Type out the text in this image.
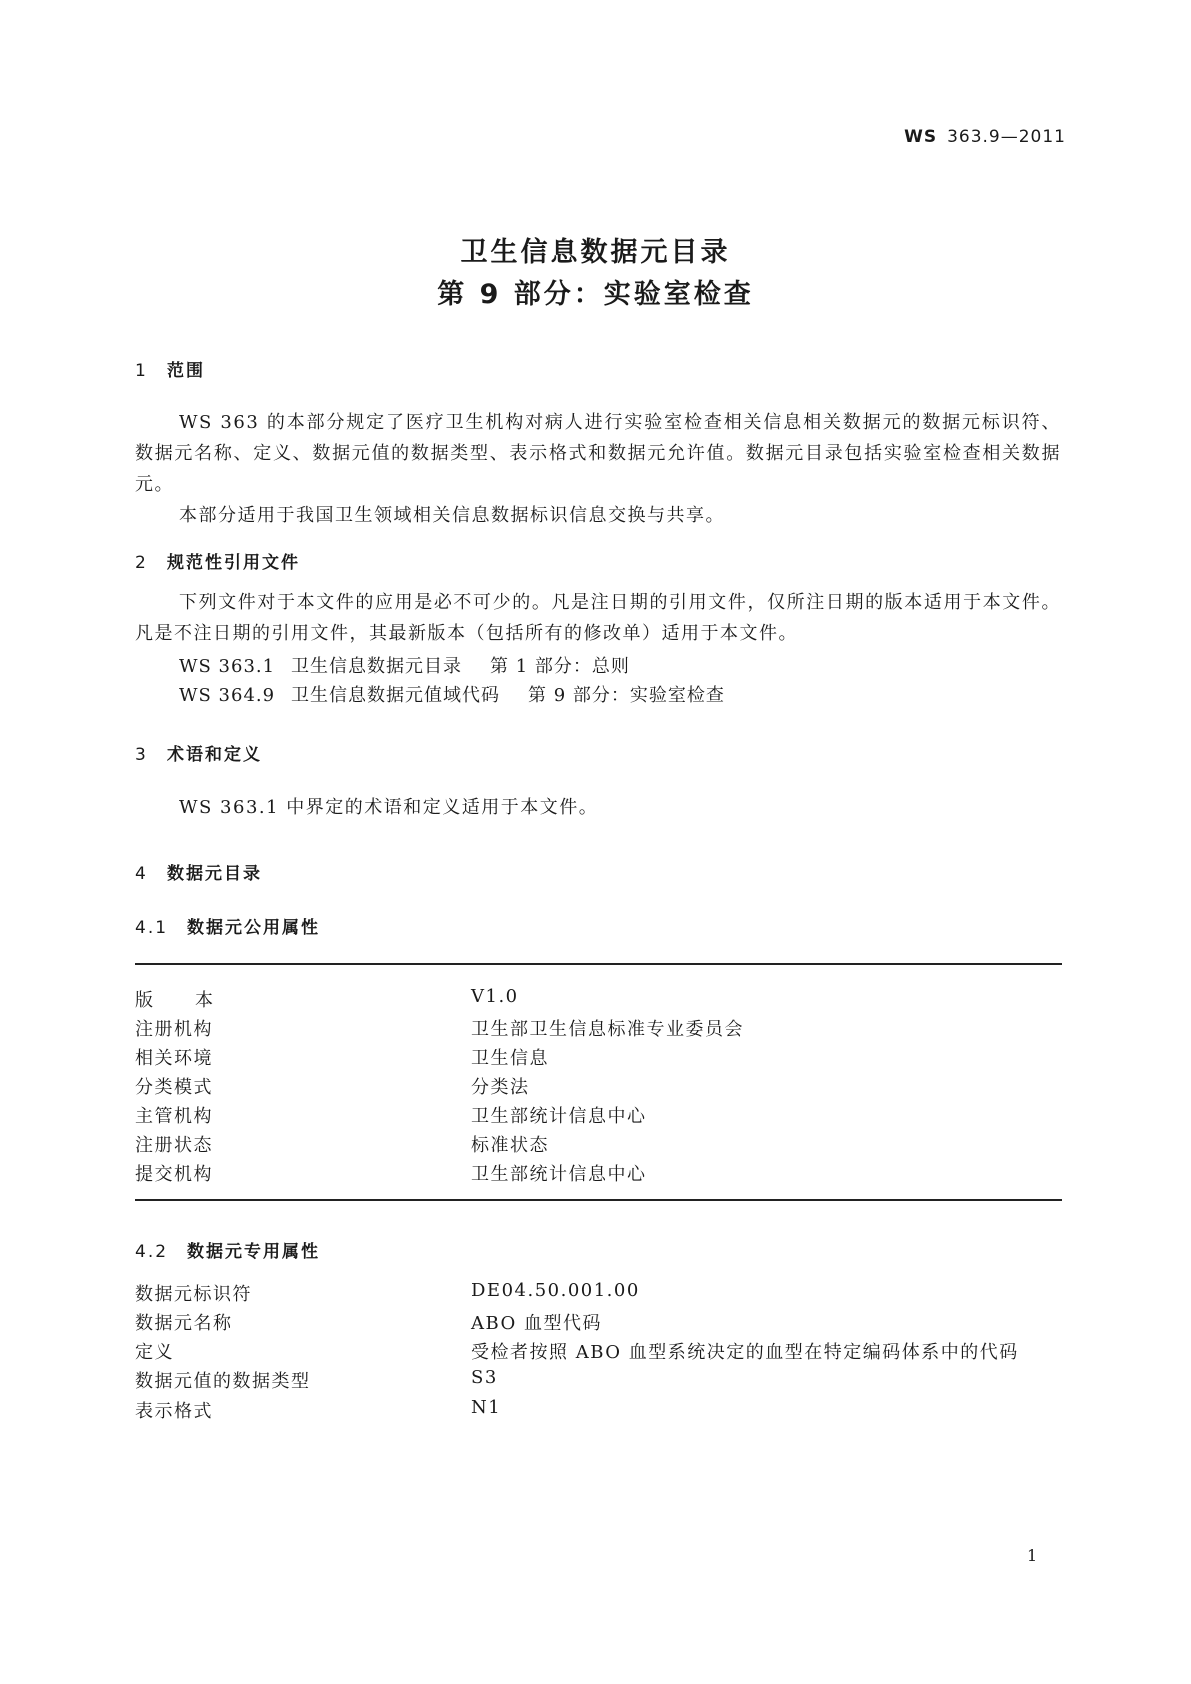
WS 363.9—2011
卫生信息数据元目录
第 9 部分：实验室检查
1 范围

WS 363 的本部分规定了医疗卫生机构对病人进行实验室检查相关信息相关数据元的数据元标识符、数据元名称、定义、数据元值的数据类型、表示格式和数据元允许值。数据元目录包括实验室检查相关数据元。

本部分适用于我国卫生领域相关信息数据标识信息交换与共享。

2 规范性引用文件

下列文件对于本文件的应用是必不可少的。凡是注日期的引用文件，仅所注日期的版本适用于本文件。凡是不注日期的引用文件，其最新版本（包括所有的修改单）适用于本文件。

WS 363.1 卫生信息数据元目录 第 1 部分：总则
WS 364.9 卫生信息数据元值域代码 第 9 部分：实验室检查
3 术语和定义

WS 363.1 中界定的术语和定义适用于本文件。

4 数据元目录
4.1 数据元公用属性
版本	V1.0
注册机构	卫生部卫生信息标准专业委员会
相关环境	卫生信息
分类模式	分类法
主管机构	卫生部统计信息中心
注册状态	标准状态
提交机构	卫生部统计信息中心
4.2 数据元专用属性
数据元标识符	DE04.50.001.00
数据元名称	ABO 血型代码
定义	受检者按照 ABO 血型系统决定的血型在特定编码体系中的代码
数据元值的数据类型	S3
表示格式	N1
1
